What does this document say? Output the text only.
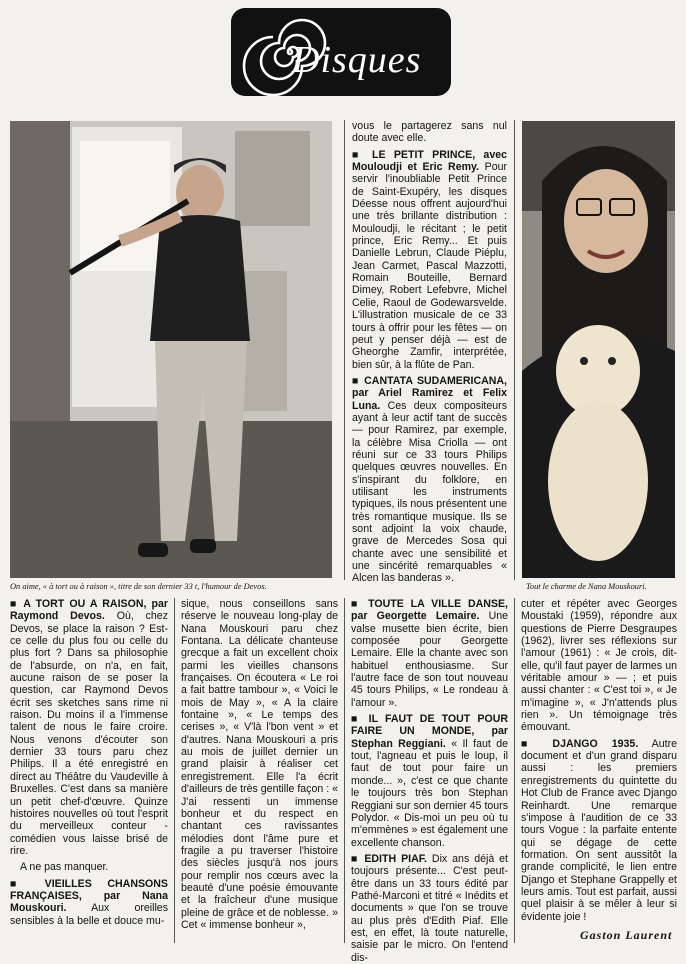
Disques
On aime, « à tort ou à raison », titre de son dernier 33 t, l'humour de Devos.	Tout le charme de Nana Mouskouri.

vous le partagerez sans nul doute avec elle.

■ LE PETIT PRINCE, avec Mouloudji et Eric Remy. Pour servir l'inoubliable Petit Prince de Saint-Exupéry, les disques Déesse nous offrent aujourd'hui une très brillante distribution : Mouloudji, le récitant ; le petit prince, Eric Remy... Et puis Danielle Lebrun, Claude Piéplu, Jean Carmet, Pascal Mazzotti, Romain Bouteille, Bernard Dimey, Robert Lefebvre, Michel Celie, Raoul de Godewarsvelde. L'illustration musicale de ce 33 tours à offrir pour les fêtes — on peut y penser déjà — est de Gheorghe Zamfir, interprétée, bien sûr, à la flûte de Pan.

■ CANTATA SUDAMERICANA, par Ariel Ramirez et Felix Luna. Ces deux compositeurs ayant à leur actif tant de succès — pour Ramirez, par exemple, la célèbre Misa Criolla — ont réuni sur ce 33 tours Philips quelques œuvres nouvelles. En s'inspirant du folklore, en utilisant les instruments typiques, ils nous présentent une très romantique musique. Ils se sont adjoint la voix chaude, grave de Mercedes Sosa qui chante avec une sensibilité et une sincérité remarquables « Alcen las banderas ».

■ A TORT OU A RAISON, par Raymond Devos. Où, chez Devos, se place la raison ? Est-ce celle du plus fou ou celle du plus fort ? Dans sa philosophie de l'absurde, on n'a, en fait, aucune raison de se poser la question, car Raymond Devos écrit ses sketches sans rime ni raison. Du moins il a l'immense talent de nous le faire croire. Nous venons d'écouter son dernier 33 tours paru chez Philips. Il a été enregistré en direct au Théâtre du Vaudeville à Bruxelles. C'est dans sa manière un petit chef-d'œuvre. Quinze histoires nouvelles où tout l'esprit du merveilleux conteur - comédien vous laisse brisé de rire.

A ne pas manquer.

■ VIEILLES CHANSONS FRANÇAISES, par Nana Mouskouri. Aux oreilles sensibles à la belle et douce mu-

sique, nous conseillons sans réserve le nouveau long-play de Nana Mouskouri paru chez Fontana. La délicate chanteuse grecque a fait un excellent choix parmi les vieilles chansons françaises. On écoutera « Le roi a fait battre tambour », « Voici le mois de May », « A la claire fontaine », « Le temps des cerises », « V'là l'bon vent » et d'autres. Nana Mouskouri a pris au mois de juillet dernier un grand plaisir à réaliser cet enregistrement. Elle l'a écrit d'ailleurs de très gentille façon : « J'ai ressenti un immense bonheur et du respect en chantant ces ravissantes mélodies dont l'âme pure et fragile a pu traverser l'histoire des siècles jusqu'à nos jours pour remplir nos cœurs avec la beauté d'une poésie émouvante et la fraîcheur d'une musique pleine de grâce et de noblesse. » Cet « immense bonheur »,

■ TOUTE LA VILLE DANSE, par Georgette Lemaire. Une valse musette bien écrite, bien composée pour Georgette Lemaire. Elle la chante avec son habituel enthousiasme. Sur l'autre face de son tout nouveau 45 tours Philips, « Le rondeau à l'amour ».

■ IL FAUT DE TOUT POUR FAIRE UN MONDE, par Stephan Reggiani. « Il faut de tout, l'agneau et puis le loup, il faut de tout pour faire un monde... », c'est ce que chante le toujours très bon Stephan Reggiani sur son dernier 45 tours Polydor. « Dis-moi un peu où tu m'emmènes » est également une excellente chanson.

■ EDITH PIAF. Dix ans déjà et toujours présente... C'est peut-être dans un 33 tours édité par Pathé-Marconi et titré « Inédits et documents » que l'on se trouve au plus près d'Edith Piaf. Elle est, en effet, là toute naturelle, saisie par le micro. On l'entend dis-

cuter et répéter avec Georges Moustaki (1959), répondre aux questions de Pierre Desgraupes (1962), livrer ses réflexions sur l'amour (1961) : « Je crois, dit-elle, qu'il faut payer de larmes un véritable amour » — ; et puis aussi chanter : « C'est toi », « Je m'imagine », « J'n'attends plus rien ». Un témoignage très émouvant.

■ DJANGO 1935. Autre document et d'un grand disparu aussi : les premiers enregistrements du quintette du Hot Club de France avec Django Reinhardt. Une remarque s'impose à l'audition de ce 33 tours Vogue : la parfaite entente qui se dégage de cette formation. On sent aussitôt la grande complicité, le lien entre Django et Stephane Grappelly et leurs amis. Tout est parfait, aussi quel plaisir à se mêler à leur si évidente joie !

Gaston Laurent
